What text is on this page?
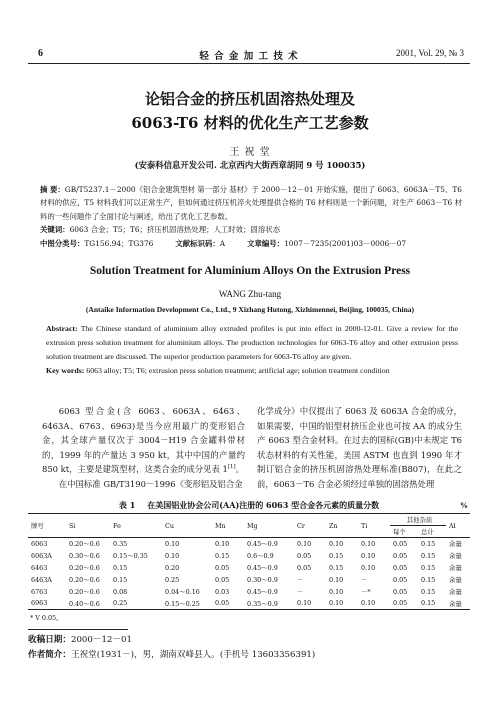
6	轻 合 金 加 工 技 术	2001, Vol. 29, № 3
论铝合金的挤压机固溶热处理及
6063-T6 材料的优化生产工艺参数
王 祝 堂
(安泰科信息开发公司. 北京西内大街西章胡同 9 号 100035)

摘 要：GB/T5237.1－2000《铝合金建筑型材 第一部分 基材》于 2000－12－01 开始实施，提出了 6063、6063A－T5、T6 材料的供应，T5 材料我们可以正常生产，但如何通过挤压机淬火处理提供合格的 T6 材料则是一个新问题，对生产 6063－T6 材料的一些问题作了全面讨论与阐述，给出了优化工艺参数。

关键词：6063 合金；T5；T6；挤压机固溶热处理；人工时效；固溶状态

中图分类号：TG156.94；TG376	文献标识码：A	文章编号：1007－7235(2001)03－0006－07

Solution Treatment for Aluminium Alloys On the Extrusion Press
WANG Zhu-tang
(Antaike Information Development Co., Ltd., 9 Xizhang Hutong, Xizhimennei, Beijing, 100035, China)

Abstract: The Chinese standard of aluminium alloy extruded profiles is put into effect in 2000-12-01. Give a review for the extrusion press solution treatment for aluminium alloys. The production technologies for 6063-T6 alloy and other extrusion press solution treatment are discussed. The superior production parameters for 6063-T6 alloy are given.

Key words: 6063 alloy; T5; T6; extrusion press solution treatment; artificial age; solution treatment condition

6063 型合金(含 6063、6063A、6463、6463A、6763、6963)是当今应用最广的变形铝合金，其全球产量仅次于 3004－H19 合金罐料带材的，1999 年的产量达 3 950 kt，其中中国的产量约 850 kt，主要是建筑型材，这类合金的成分见表 1[1]。

在中国标准 GB/T3190－1996《变形铝及铝合金

化学成分》中仅提出了 6063 及 6063A 合金的成分，如果需要，中国的铝型材挤压企业也可按 AA 的成分生产 6063 型合金材料。在过去的国标(GB)中未规定 T6 状态材料的有关性能，美国 ASTM 也直到 1990 年才制订铝合金的挤压机固溶热处理标准(B807)，在此之前，6063－T6 合金必须经过单独的固溶热处理

表 1 在美国铝业协会公司(AA)注册的 6063 型合金各元素的质量分数	%
牌号	Si	Fe	Cu	Mn	Mg	Cr	Zn	Ti	其他杂质		Al
									每个	总计	
6063	0.20～0.6	0.35	0.10	0.10	0.45～0.9	0.10	0.10	0.10	0.05	0.15	余量
6063A	0.30～0.6	0.15～0.35	0.10	0.15	0.6～0.9	0.05	0.15	0.10	0.05	0.15	余量
6463	0.20～0.6	0.15	0.20	0.05	0.45～0.9	0.05	0.15	0.10	0.05	0.15	余量
6463A	0.20～0.6	0.15	0.25	0.05	0.30～0.9	－	0.10	－	0.05	0.15	余量
6763	0.20～0.6	0.08	0.04～0.16	0.03	0.45～0.9	－	0.10	－*	0.05	0.15	余量
6963	0.40～0.6	0.25	0.15～0.25	0.05	0.35～0.9	0.10	0.10	0.10	0.05	0.15	余量
* V 0.05。
收稿日期：2000－12－01
作者简介：王祝堂(1931－)，男，湖南双峰县人。(手机号 13603356391)
